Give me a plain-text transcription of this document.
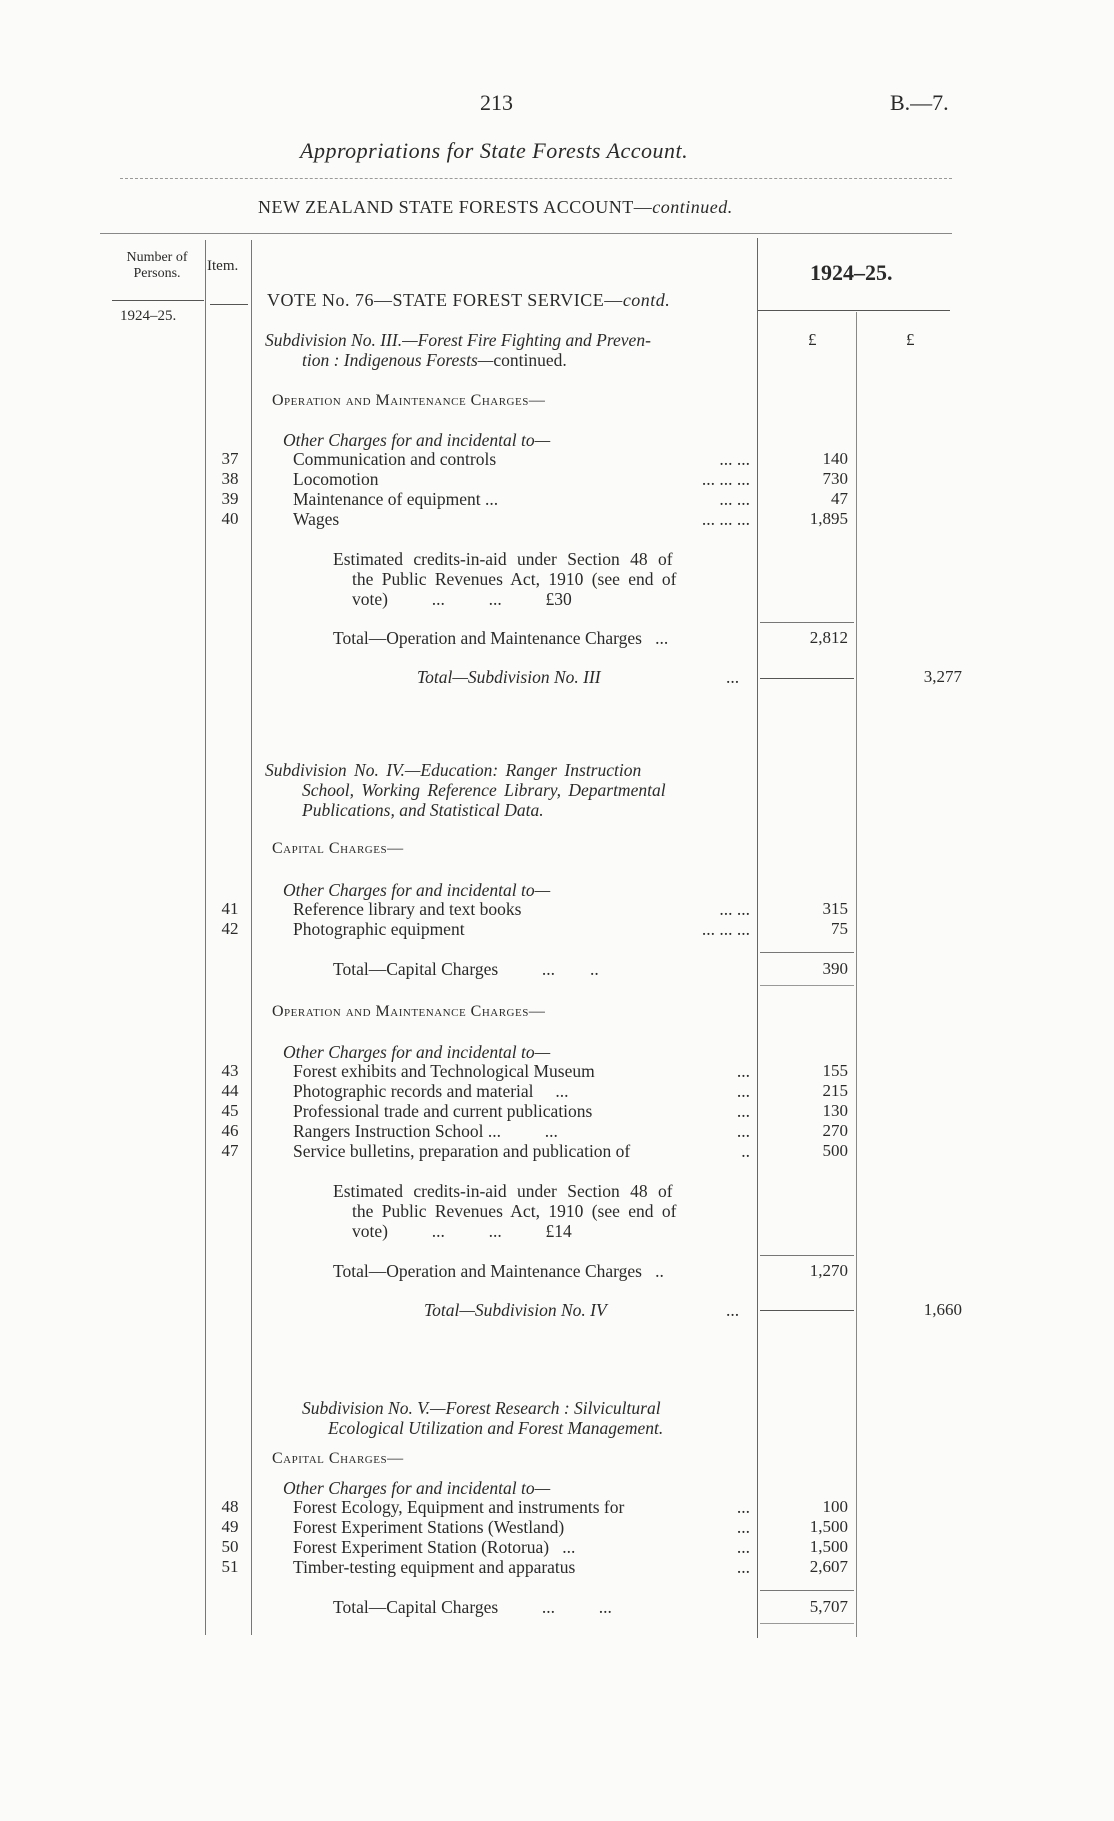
213	B.—7.
Appropriations for State Forests Account.
NEW ZEALAND STATE FORESTS ACCOUNT—continued.
Number of Persons.	Item.
1924–25.
1924–25.
£	£
VOTE No. 76—STATE FOREST SERVICE—contd.
Subdivision No. III.—Forest Fire Fighting and Preven-
tion : Indigenous Forests—continued.
Operation and Maintenance Charges—
Other Charges for and incidental to—
37	Communication and controls	... ...	140
38	Locomotion	... ... ...	730
39	Maintenance of equipment ...	... ...	47
40	Wages	... ... ...	1,895
Estimated credits-in-aid under Section 48 of
the Public Revenues Act, 1910 (see end of
vote)          ...          ...          £30
Total—Operation and Maintenance Charges   ...	2,812
Total—Subdivision No. III	...	3,277
Subdivision No. IV.—Education: Ranger Instruction
School, Working Reference Library, Departmental
Publications, and Statistical Data.
Capital Charges—
Other Charges for and incidental to—
41	Reference library and text books	... ...	315
42	Photographic equipment	... ... ...	75
Total—Capital Charges          ...        ..	390
Operation and Maintenance Charges—
Other Charges for and incidental to—
43	Forest exhibits and Technological Museum	...	155
44	Photographic records and material     ...	...	215
45	Professional trade and current publications	...	130
46	Rangers Instruction School ...          ...	...	270
47	Service bulletins, preparation and publication of	..	500
Estimated credits-in-aid under Section 48 of
the Public Revenues Act, 1910 (see end of
vote)          ...          ...          £14
Total—Operation and Maintenance Charges   ..	1,270
Total—Subdivision No. IV	...	1,660
Subdivision No. V.—Forest Research : Silvicultural
Ecological Utilization and Forest Management.
Capital Charges—
Other Charges for and incidental to—
48	Forest Ecology, Equipment and instruments for	...	100
49	Forest Experiment Stations (Westland)	...	1,500
50	Forest Experiment Station (Rotorua)   ...	...	1,500
51	Timber-testing equipment and apparatus	...	2,607
Total—Capital Charges          ...          ...	5,707
